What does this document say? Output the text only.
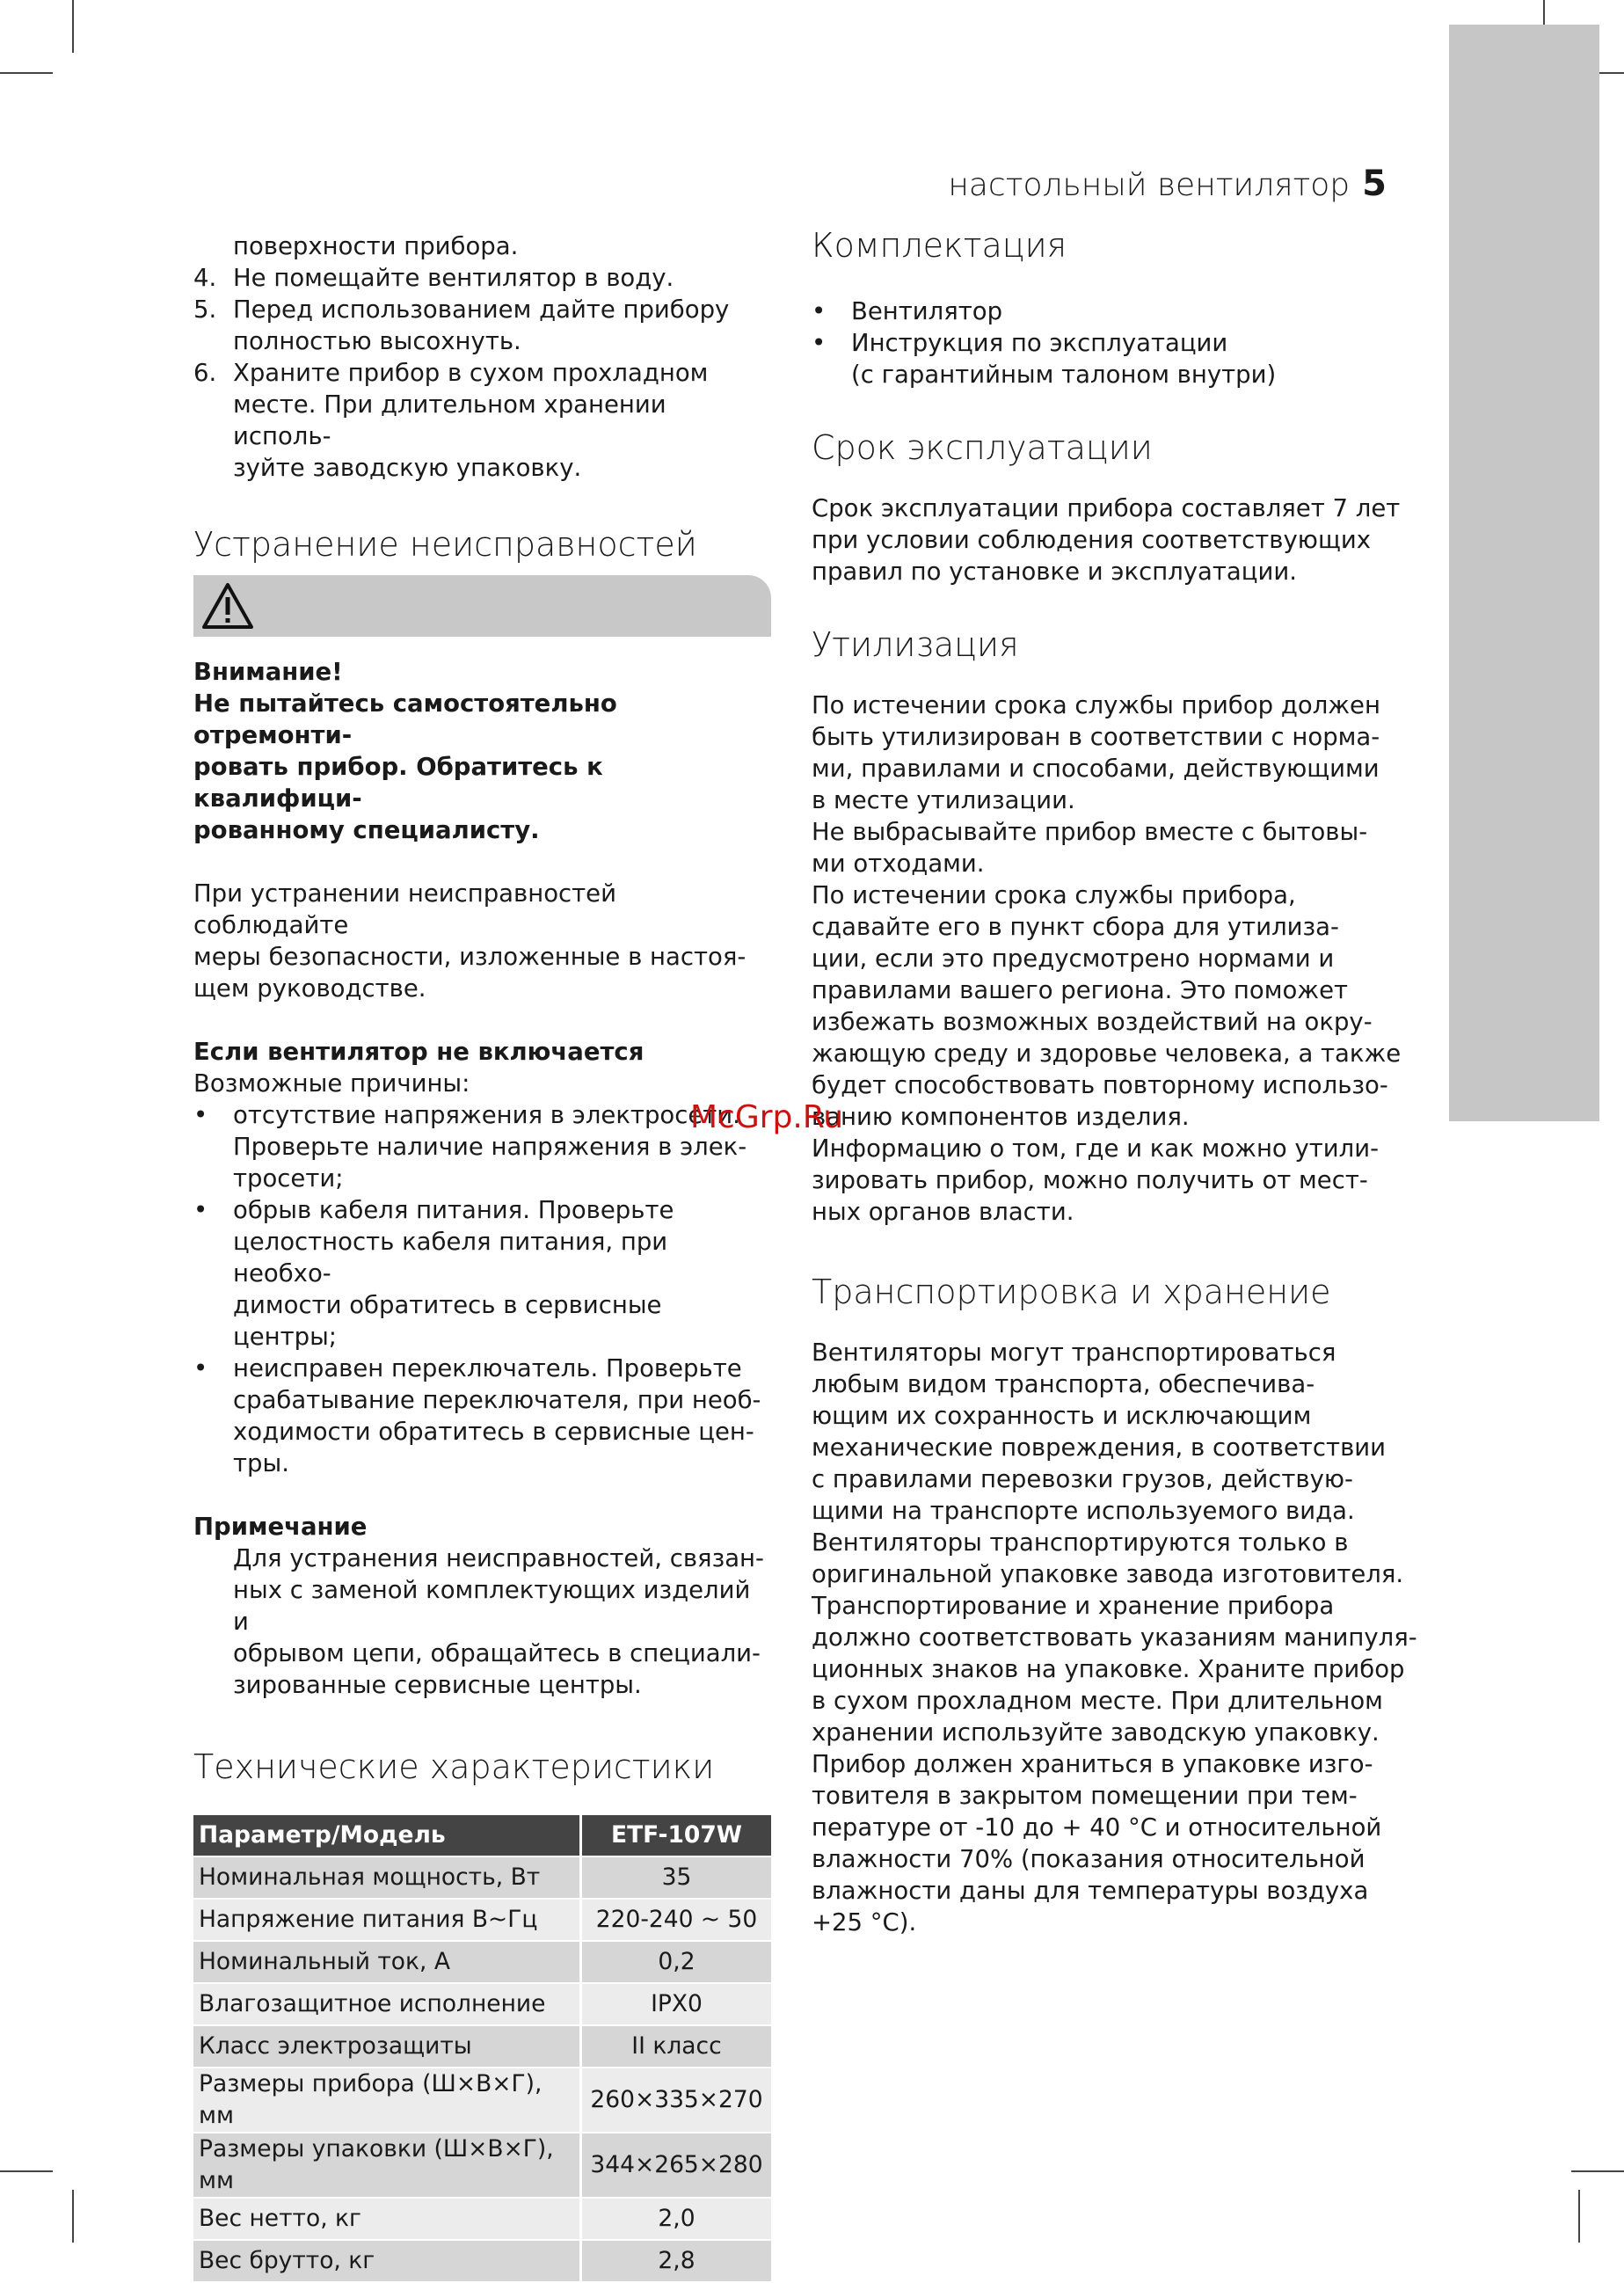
настольный вентилятор 5

поверхности прибора.

4. Не помещайте вентилятор в воду.

5. Перед использованием дайте прибору

полностью высохнуть.

6. Храните прибор в сухом прохладном

месте. При длительном хранении исполь-

зуйте заводскую упаковку.

Устранение неисправностей

Внимание!

Не пытайтесь самостоятельно отремонти-

ровать прибор. Обратитесь к квалифици-

рованному специалисту.

При устранении неисправностей соблюдайте

меры безопасности, изложенные в настоя-

щем руководстве.

Если вентилятор не включается

Возможные причины:

• отсутствие напряжения в электросети.

Проверьте наличие напряжения в элек-

тросети;

• обрыв кабеля питания. Проверьте

целостность кабеля питания, при необхо-

димости обратитесь в сервисные центры;

• неисправен переключатель. Проверьте

срабатывание переключателя, при необ-

ходимости обратитесь в сервисные цен-

тры.

Примечание

Для устранения неисправностей, связан-

ных с заменой комплектующих изделий и

обрывом цепи, обращайтесь в специали-

зированные сервисные центры.

Технические характеристики
Параметр/Модель	ETF-107W
Номинальная мощность, Вт	35
Напряжение питания В~Гц	220-240 ~ 50
Номинальный ток, А	0,2
Влагозащитное исполнение	IPX0
Класс электрозащиты	II класс
Размеры прибора (Ш×В×Г), мм	260×335×270
Размеры упаковки (Ш×В×Г), мм	344×265×280
Вес нетто, кг	2,0
Вес брутто, кг	2,8
Комплектация
• Вентилятор

• Инструкция по эксплуатации

(с гарантийным талоном внутри)

Срок эксплуатации

Срок эксплуатации прибора составляет 7 лет

при условии соблюдения соответствующих

правил по установке и эксплуатации.

Утилизация

По истечении срока службы прибор должен

быть утилизирован в соответствии с норма-

ми, правилами и способами, действующими

в месте утилизации.

Не выбрасывайте прибор вместе с бытовы-

ми отходами.

По истечении срока службы прибора,

сдавайте его в пункт сбора для утилиза-

ции, если это предусмотрено нормами и

правилами вашего региона. Это поможет

избежать возможных воздействий на окру-

жающую среду и здоровье человека, а также

будет способствовать повторному использо-

ванию компонентов изделия.

Информацию о том, где и как можно утили-

зировать прибор, можно получить от мест-

ных органов власти.

Транспортировка и хранение

Вентиляторы могут транспортироваться

любым видом транспорта, обеспечива-

ющим их сохранность и исключающим

механические повреждения, в соответствии

с правилами перевозки грузов, действую-

щими на транспорте используемого вида.

Вентиляторы транспортируются только в

оригинальной упаковке завода изготовителя.

Транспортирование и хранение прибора

должно соответствовать указаниям манипуля-

ционных знаков на упаковке. Храните прибор

в сухом прохладном месте. При длительном

хранении используйте заводскую упаковку.

Прибор должен храниться в упаковке изго-

товителя в закрытом помещении при тем-

пературе от -10 до + 40 °С и относительной

влажности 70% (показания относительной

влажности даны для температуры воздуха

+25 °С).

McGrp.Ru
